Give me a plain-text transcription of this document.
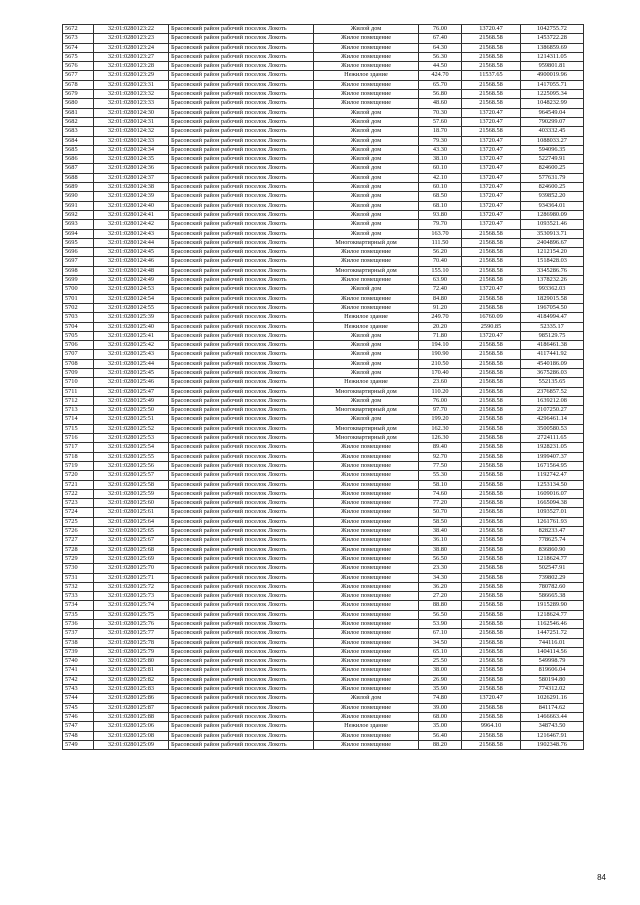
5672	32:01:0280123:22	Брасовский район рабочий поселок Локоть	Жилой дом	76.00	13720.47	1042755.72
5673	32:01:0280123:23	Брасовский район рабочий поселок Локоть	Жилое помещение	67.40	21568.58	1453722.28
5674	32:01:0280123:24	Брасовский район рабочий поселок Локоть	Жилое помещение	64.30	21568.58	1386859.69
5675	32:01:0280123:27	Брасовский район рабочий поселок Локоть	Жилое помещение	56.30	21568.58	1214311.05
5676	32:01:0280123:28	Брасовский район рабочий поселок Локоть	Жилое помещение	44.50	21568.58	959801.81
5677	32:01:0280123:29	Брасовский район рабочий поселок Локоть	Нежилое здание	424.70	11537.65	4900019.96
5678	32:01:0280123:31	Брасовский район рабочий поселок Локоть	Жилое помещение	65.70	21568.58	1417055.71
5679	32:01:0280123:32	Брасовский район рабочий поселок Локоть	Жилое помещение	56.80	21568.58	1225095.34
5680	32:01:0280123:33	Брасовский район рабочий поселок Локоть	Жилое помещение	48.60	21568.58	1048232.99
5681	32:01:0280124:30	Брасовский район рабочий поселок Локоть	Жилой дом	70.30	13720.47	964549.04
5682	32:01:0280124:31	Брасовский район рабочий поселок Локоть	Жилой дом	57.60	13720.47	790299.07
5683	32:01:0280124:32	Брасовский район рабочий поселок Локоть	Жилой дом	18.70	21568.58	403332.45
5684	32:01:0280124:33	Брасовский район рабочий поселок Локоть	Жилой дом	79.30	13720.47	1088033.27
5685	32:01:0280124:34	Брасовский район рабочий поселок Локоть	Жилой дом	43.30	13720.47	594096.35
5686	32:01:0280124:35	Брасовский район рабочий поселок Локоть	Жилой дом	38.10	13720.47	522749.91
5687	32:01:0280124:36	Брасовский район рабочий поселок Локоть	Жилой дом	60.10	13720.47	824600.25
5688	32:01:0280124:37	Брасовский район рабочий поселок Локоть	Жилой дом	42.10	13720.47	577631.79
5689	32:01:0280124:38	Брасовский район рабочий поселок Локоть	Жилой дом	60.10	13720.47	824600.25
5690	32:01:0280124:39	Брасовский район рабочий поселок Локоть	Жилой дом	68.50	13720.47	939852.20
5691	32:01:0280124:40	Брасовский район рабочий поселок Локоть	Жилой дом	68.10	13720.47	934364.01
5692	32:01:0280124:41	Брасовский район рабочий поселок Локоть	Жилой дом	93.80	13720.47	1286980.09
5693	32:01:0280124:42	Брасовский район рабочий поселок Локоть	Жилой дом	79.70	13720.47	1093521.46
5694	32:01:0280124:43	Брасовский район рабочий поселок Локоть	Жилой дом	163.70	21568.58	3530913.71
5695	32:01:0280124:44	Брасовский район рабочий поселок Локоть	Многоквартирный дом	111.50	21568.58	2404896.67
5696	32:01:0280124:45	Брасовский район рабочий поселок Локоть	Жилое помещение	56.20	21568.58	1212154.20
5697	32:01:0280124:46	Брасовский район рабочий поселок Локоть	Жилое помещение	70.40	21568.58	1518428.03
5698	32:01:0280124:48	Брасовский район рабочий поселок Локоть	Многоквартирный дом	155.10	21568.58	3345286.76
5699	32:01:0280124:49	Брасовский район рабочий поселок Локоть	Жилое помещение	63.90	21568.58	1378232.26
5700	32:01:0280124:53	Брасовский район рабочий поселок Локоть	Жилой дом	72.40	13720.47	993362.03
5701	32:01:0280124:54	Брасовский район рабочий поселок Локоть	Жилое помещение	84.80	21568.58	1829015.58
5702	32:01:0280124:55	Брасовский район рабочий поселок Локоть	Жилое помещение	91.20	21568.58	1967054.50
5703	32:01:0280125:39	Брасовский район рабочий поселок Локоть	Нежилое здание	249.70	16760.09	4184994.47
5704	32:01:0280125:40	Брасовский район рабочий поселок Локоть	Нежилое здание	20.20	2590.85	52335.17
5705	32:01:0280125:41	Брасовский район рабочий поселок Локоть	Жилой дом	71.80	13720.47	985129.75
5706	32:01:0280125:42	Брасовский район рабочий поселок Локоть	Жилой дом	194.10	21568.58	4186461.38
5707	32:01:0280125:43	Брасовский район рабочий поселок Локоть	Жилой дом	190.90	21568.58	4117441.92
5708	32:01:0280125:44	Брасовский район рабочий поселок Локоть	Жилой дом	210.50	21568.58	4540186.09
5709	32:01:0280125:45	Брасовский район рабочий поселок Локоть	Жилой дом	170.40	21568.58	3675286.03
5710	32:01:0280125:46	Брасовский район рабочий поселок Локоть	Нежилое здание	23.60	21568.58	552135.65
5711	32:01:0280125:47	Брасовский район рабочий поселок Локоть	Многоквартирный дом	110.20	21568.58	2376857.52
5712	32:01:0280125:49	Брасовский район рабочий поселок Локоть	Жилой дом	76.00	21568.58	1639212.08
5713	32:01:0280125:50	Брасовский район рабочий поселок Локоть	Многоквартирный дом	97.70	21568.58	2107250.27
5714	32:01:0280125:51	Брасовский район рабочий поселок Локоть	Жилой дом	199.20	21568.58	4296461.14
5715	32:01:0280125:52	Брасовский район рабочий поселок Локоть	Многоквартирный дом	162.30	21568.58	3500580.53
5716	32:01:0280125:53	Брасовский район рабочий поселок Локоть	Многоквартирный дом	126.30	21568.58	2724111.65
5717	32:01:0280125:54	Брасовский район рабочий поселок Локоть	Жилое помещение	89.40	21568.58	1928231.05
5718	32:01:0280125:55	Брасовский район рабочий поселок Локоть	Жилое помещение	92.70	21568.58	1999407.37
5719	32:01:0280125:56	Брасовский район рабочий поселок Локоть	Жилое помещение	77.50	21568.58	1671564.95
5720	32:01:0280125:57	Брасовский район рабочий поселок Локоть	Жилое помещение	55.30	21568.58	1192742.47
5721	32:01:0280125:58	Брасовский район рабочий поселок Локоть	Жилое помещение	58.10	21568.58	1253134.50
5722	32:01:0280125:59	Брасовский район рабочий поселок Локоть	Жилое помещение	74.60	21568.58	1609016.07
5723	32:01:0280125:60	Брасовский район рабочий поселок Локоть	Жилое помещение	77.20	21568.58	1665094.38
5724	32:01:0280125:61	Брасовский район рабочий поселок Локоть	Жилое помещение	50.70	21568.58	1093527.01
5725	32:01:0280125:64	Брасовский район рабочий поселок Локоть	Жилое помещение	58.50	21568.58	1261761.93
5726	32:01:0280125:65	Брасовский район рабочий поселок Локоть	Жилое помещение	38.40	21568.58	828233.47
5727	32:01:0280125:67	Брасовский район рабочий поселок Локоть	Жилое помещение	36.10	21568.58	778625.74
5728	32:01:0280125:68	Брасовский район рабочий поселок Локоть	Жилое помещение	38.80	21568.58	836860.90
5729	32:01:0280125:69	Брасовский район рабочий поселок Локоть	Жилое помещение	56.50	21568.58	1218624.77
5730	32:01:0280125:70	Брасовский район рабочий поселок Локоть	Жилое помещение	23.30	21568.58	502547.91
5731	32:01:0280125:71	Брасовский район рабочий поселок Локоть	Жилое помещение	34.30	21568.58	739802.29
5732	32:01:0280125:72	Брасовский район рабочий поселок Локоть	Жилое помещение	36.20	21568.58	780782.60
5733	32:01:0280125:73	Брасовский район рабочий поселок Локоть	Жилое помещение	27.20	21568.58	586665.38
5734	32:01:0280125:74	Брасовский район рабочий поселок Локоть	Жилое помещение	88.80	21568.58	1915289.90
5735	32:01:0280125:75	Брасовский район рабочий поселок Локоть	Жилое помещение	56.50	21568.58	1218624.77
5736	32:01:0280125:76	Брасовский район рабочий поселок Локоть	Жилое помещение	53.90	21568.58	1162546.46
5737	32:01:0280125:77	Брасовский район рабочий поселок Локоть	Жилое помещение	67.10	21568.58	1447251.72
5738	32:01:0280125:78	Брасовский район рабочий поселок Локоть	Жилое помещение	34.50	21568.58	744116.01
5739	32:01:0280125:79	Брасовский район рабочий поселок Локоть	Жилое помещение	65.10	21568.58	1404114.56
5740	32:01:0280125:80	Брасовский район рабочий поселок Локоть	Жилое помещение	25.50	21568.58	549998.79
5741	32:01:0280125:81	Брасовский район рабочий поселок Локоть	Жилое помещение	38.00	21568.58	819606.04
5742	32:01:0280125:82	Брасовский район рабочий поселок Локоть	Жилое помещение	26.90	21568.58	580194.80
5743	32:01:0280125:83	Брасовский район рабочий поселок Локоть	Жилое помещение	35.90	21568.58	774312.02
5744	32:01:0280125:86	Брасовский район рабочий поселок Локоть	Жилой дом	74.80	13720.47	1026291.16
5745	32:01:0280125:87	Брасовский район рабочий поселок Локоть	Жилое помещение	39.00	21568.58	841174.62
5746	32:01:0280125:88	Брасовский район рабочий поселок Локоть	Жилое помещение	68.00	21568.58	1466663.44
5747	32:01:0280125:06	Брасовский район рабочий поселок Локоть	Нежилое здание	35.00	9964.10	348743.50
5748	32:01:0280125:08	Брасовский район рабочий поселок Локоть	Жилое помещение	56.40	21568.58	1216467.91
5749	32:01:0280125:09	Брасовский район рабочий поселок Локоть	Жилое помещение	88.20	21568.58	1902348.76
84
